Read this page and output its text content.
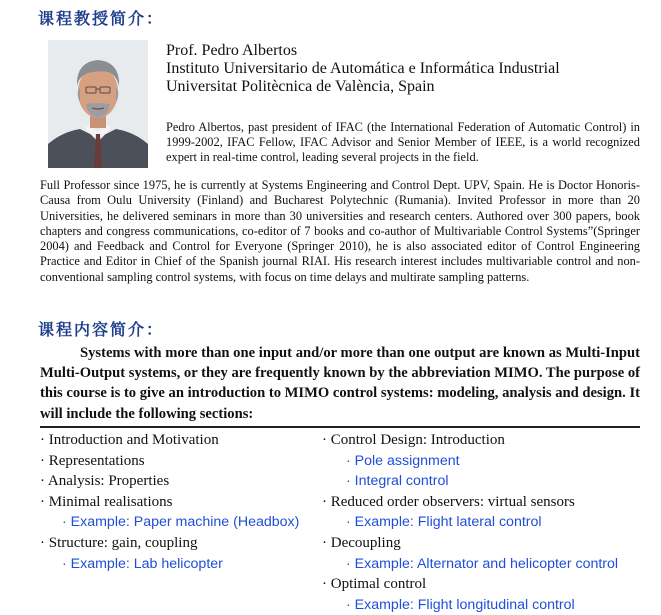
课程教授简介：
Prof. Pedro Albertos
Instituto Universitario de Automática e Informática Industrial
Universitat Politècnica de València, Spain
Pedro Albertos, past president of IFAC (the International Federation of Automatic Control) in 1999-2002, IFAC Fellow, IFAC Advisor and Senior Member of IEEE, is a world recognized expert in real-time control, leading several projects in the field.
Full Professor since 1975, he is currently at Systems Engineering and Control Dept. UPV, Spain. He is Doctor Honoris-Causa from Oulu University (Finland) and Bucharest Polytechnic (Rumania). Invited Professor in more than 20 Universities, he delivered seminars in more than 30 universities and research centers. Authored over 300 papers, book chapters and congress communications, co-editor of 7 books and co-author of Multivariable Control Systems”(Springer 2004) and Feedback and Control for Everyone (Springer 2010), he is also associated editor of Control Engineering Practice and Editor in Chief of the Spanish journal RIAI. His research interest includes multivariable control and non-conventional sampling control systems, with focus on time delays and multirate sampling patterns.
课程内容简介：
Systems with more than one input and/or more than one output are known as Multi-Input Multi-Output systems, or they are frequently known by the abbreviation MIMO. The purpose of this course is to give an introduction to MIMO control systems: modeling, analysis and design. It will include the following sections:
· Introduction and Motivation
· Representations
· Analysis: Properties
· Minimal realisations
· Example: Paper machine (Headbox)
· Structure: gain, coupling
· Example: Lab helicopter
· Control Design: Introduction
· Pole assignment
· Integral control
· Reduced order observers: virtual sensors
· Example: Flight lateral control
· Decoupling
· Example: Alternator and helicopter control
· Optimal control
· Example: Flight longitudinal control
